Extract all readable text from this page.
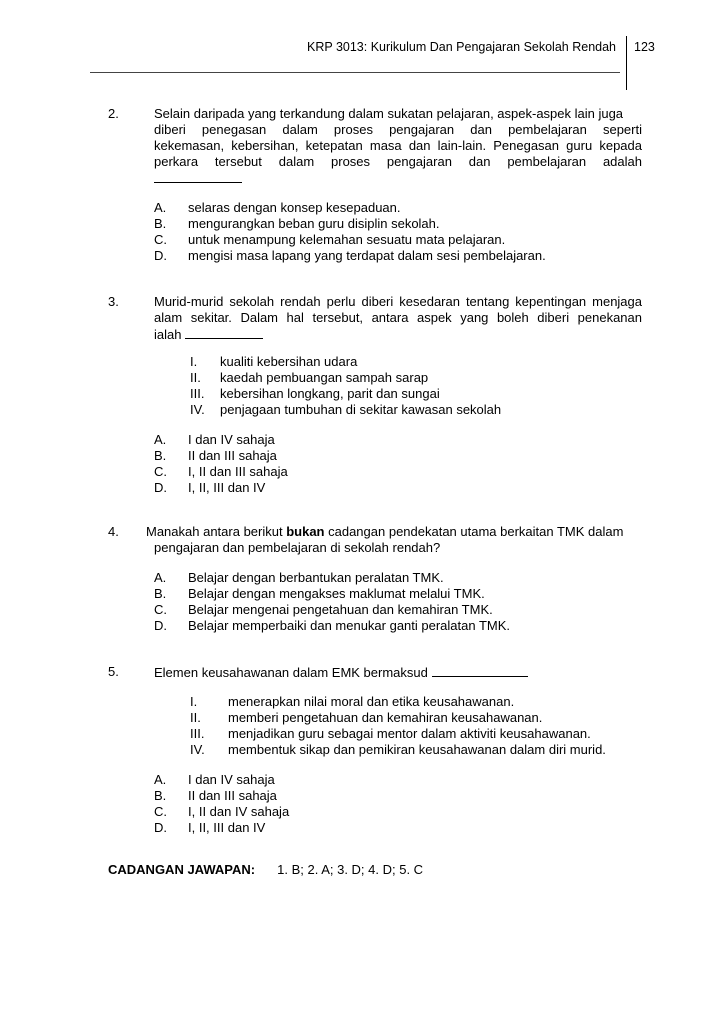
KRP 3013: Kurikulum Dan Pengajaran Sekolah Rendah 123
2.	Selain daripada yang terkandung dalam sukatan pelajaran, aspek-aspek lain juga
diberi penegasan dalam proses pengajaran dan pembelajaran seperti
kekemasan, kebersihan, ketepatan masa dan lain-lain. Penegasan guru kepada
perkara tersebut dalam proses pengajaran dan pembelajaran adalah
A. selaras dengan konsep kesepaduan.
B. mengurangkan beban guru disiplin sekolah.
C. untuk menampung kelemahan sesuatu mata pelajaran.
D. mengisi masa lapang yang terdapat dalam sesi pembelajaran.
3.	Murid-murid sekolah rendah perlu diberi kesedaran tentang kepentingan menjaga
alam sekitar. Dalam hal tersebut, antara aspek yang boleh diberi penekanan
ialah
I. kualiti kebersihan udara
II. kaedah pembuangan sampah sarap
III. kebersihan longkang, parit dan sungai
IV. penjagaan tumbuhan di sekitar kawasan sekolah
A. I dan IV sahaja
B. II dan III sahaja
C. I, II dan III sahaja
D. I, II, III dan IV
4. Manakah antara berikut bukan cadangan pendekatan utama berkaitan TMK dalam
pengajaran dan pembelajaran di sekolah rendah?
A. Belajar dengan berbantukan peralatan TMK.
B. Belajar dengan mengakses maklumat melalui TMK.
C. Belajar mengenai pengetahuan dan kemahiran TMK.
D. Belajar memperbaiki dan menukar ganti peralatan TMK.
5.	Elemen keusahawanan dalam EMK bermaksud
I. menerapkan nilai moral dan etika keusahawanan.
II. memberi pengetahuan dan kemahiran keusahawanan.
III. menjadikan guru sebagai mentor dalam aktiviti keusahawanan.
IV. membentuk sikap dan pemikiran keusahawanan dalam diri murid.
A. I dan IV sahaja
B. II dan III sahaja
C. I, II dan IV sahaja
D. I, II, III dan IV
CADANGAN JAWAPAN: 1. B; 2. A; 3. D; 4. D; 5. C
